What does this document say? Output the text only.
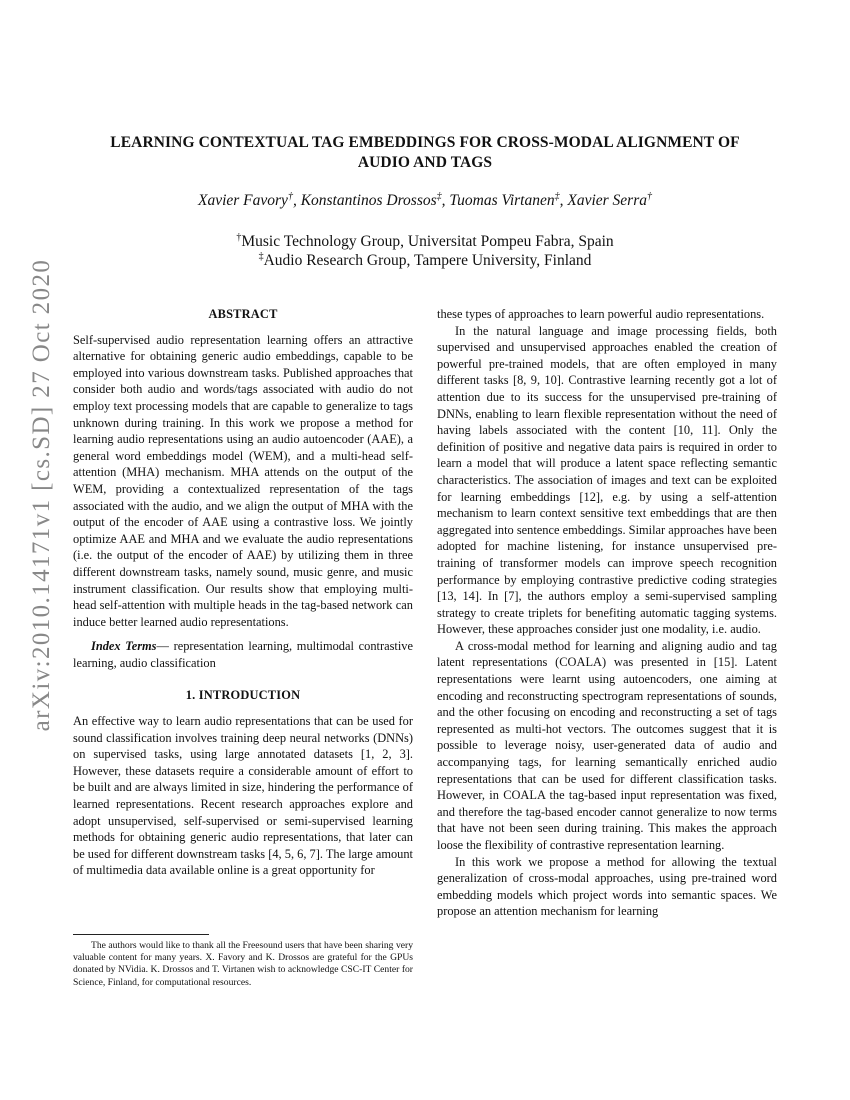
arXiv:2010.14171v1 [cs.SD] 27 Oct 2020
LEARNING CONTEXTUAL TAG EMBEDDINGS FOR CROSS-MODAL ALIGNMENT OF
AUDIO AND TAGS
Xavier Favory†, Konstantinos Drossos‡, Tuomas Virtanen‡, Xavier Serra†
†Music Technology Group, Universitat Pompeu Fabra, Spain
‡Audio Research Group, Tampere University, Finland
ABSTRACT

Self-supervised audio representation learning offers an attractive alternative for obtaining generic audio embeddings, capable to be employed into various downstream tasks. Published approaches that consider both audio and words/tags associated with audio do not employ text processing models that are capable to generalize to tags unknown during training. In this work we propose a method for learning audio representations using an audio autoencoder (AAE), a general word embeddings model (WEM), and a multi-head self-attention (MHA) mechanism. MHA attends on the output of the WEM, providing a contextualized representation of the tags associated with the audio, and we align the output of MHA with the output of the encoder of AAE using a contrastive loss. We jointly optimize AAE and MHA and we evaluate the audio representations (i.e. the output of the encoder of AAE) by utilizing them in three different downstream tasks, namely sound, music genre, and music instrument classification. Our results show that employing multi-head self-attention with multiple heads in the tag-based network can induce better learned audio representations.

Index Terms— representation learning, multimodal contrastive learning, audio classification

1. INTRODUCTION

An effective way to learn audio representations that can be used for sound classification involves training deep neural networks (DNNs) on supervised tasks, using large annotated datasets [1, 2, 3]. However, these datasets require a considerable amount of effort to be built and are always limited in size, hindering the performance of learned representations. Recent research approaches explore and adopt unsupervised, self-supervised or semi-supervised learning methods for obtaining generic audio representations, that later can be used for different downstream tasks [4, 5, 6, 7]. The large amount of multimedia data available online is a great opportunity for

The authors would like to thank all the Freesound users that have been sharing very valuable content for many years. X. Favory and K. Drossos are grateful for the GPUs donated by NVidia. K. Drossos and T. Virtanen wish to acknowledge CSC-IT Center for Science, Finland, for computational resources.

these types of approaches to learn powerful audio representations.

In the natural language and image processing fields, both supervised and unsupervised approaches enabled the creation of powerful pre-trained models, that are often employed in many different tasks [8, 9, 10]. Contrastive learning recently got a lot of attention due to its success for the unsupervised pre-training of DNNs, enabling to learn flexible representation without the need of having labels associated with the content [10, 11]. Only the definition of positive and negative data pairs is required in order to learn a model that will produce a latent space reflecting semantic characteristics. The association of images and text can be exploited for learning embeddings [12], e.g. by using a self-attention mechanism to learn context sensitive text embeddings that are then aggregated into sentence embeddings. Similar approaches have been adopted for machine listening, for instance unsupervised pre-training of transformer models can improve speech recognition performance by employing contrastive predictive coding strategies [13, 14]. In [7], the authors employ a semi-supervised sampling strategy to create triplets for benefiting automatic tagging systems. However, these approaches consider just one modality, i.e. audio.

A cross-modal method for learning and aligning audio and tag latent representations (COALA) was presented in [15]. Latent representations were learnt using autoencoders, one aiming at encoding and reconstructing spectrogram representations of sounds, and the other focusing on encoding and reconstructing a set of tags represented as multi-hot vectors. The outcomes suggest that it is possible to leverage noisy, user-generated data of audio and accompanying tags, for learning semantically enriched audio representations that can be used for different classification tasks. However, in COALA the tag-based input representation was fixed, and therefore the tag-based encoder cannot generalize to now terms that have not been seen during training. This makes the approach loose the flexibility of contrastive representation learning.

In this work we propose a method for allowing the textual generalization of cross-modal approaches, using pre-trained word embedding models which project words into semantic spaces. We propose an attention mechanism for learning
